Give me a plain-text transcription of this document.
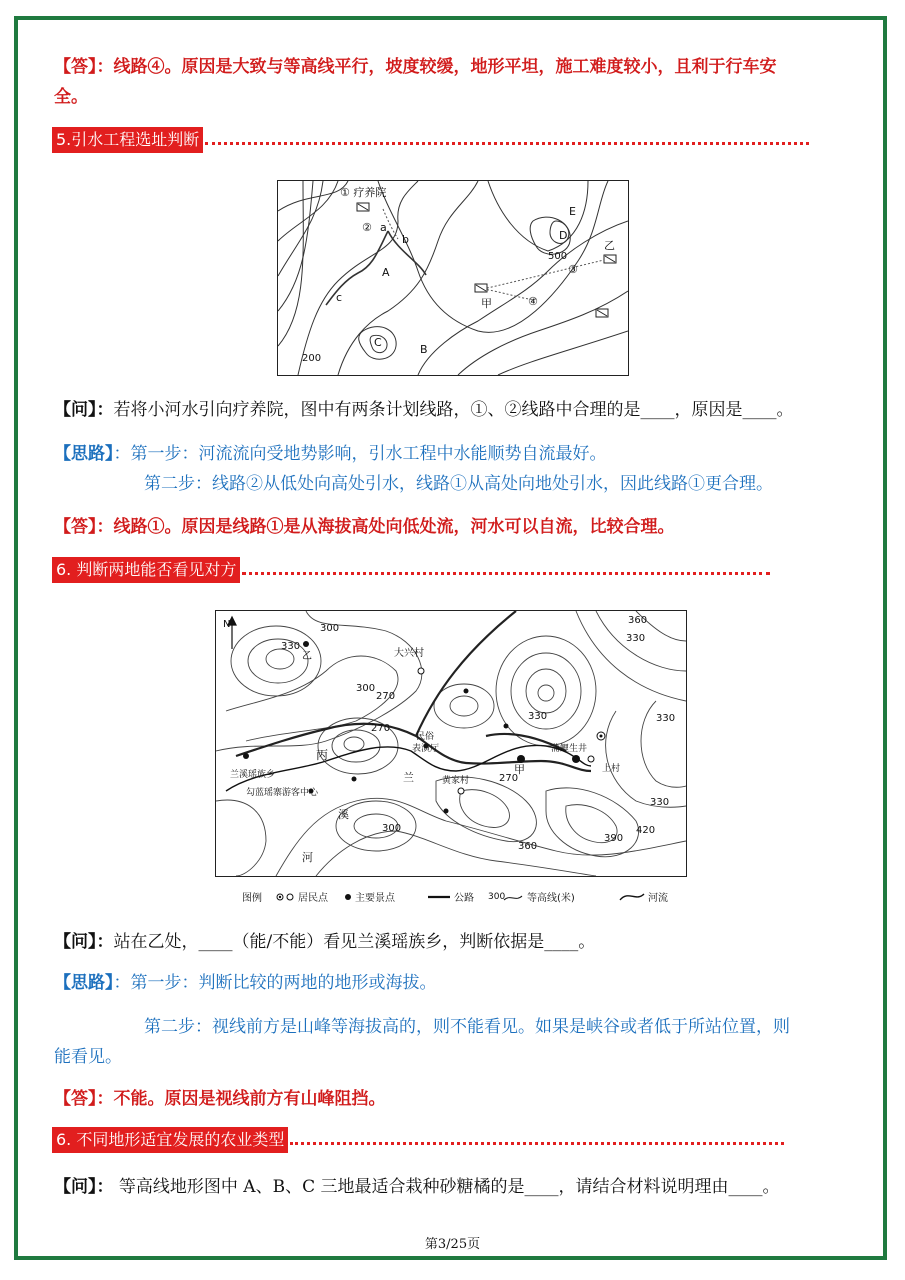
【答】：线路④。原因是大致与等高线平行，坡度较缓，地形平坦，施工难度较小，且利于行车安
全。
5.引水工程选址判断
① 疗养院
② a
b
c
A
B
C
D
E
乙
甲
③
④
500
200
【问】：若将小河水引向疗养院，图中有两条计划线路，①、②线路中合理的是____，原因是____。
【思路】：第一步：河流流向受地势影响，引水工程中水能顺势自流最好。
第二步：线路②从低处向高处引水，线路①从高处向地处引水，因此线路①更合理。
【答】：线路①。原因是线路①是从海拔高处向低处流，河水可以自流，比较合理。
6. 判断两地能否看见对方
N
乙
330
300
270
大兴村
360
330
330
300
270
丙
民俗
表演厅
兰
溪
河
甲
黄家村	270
蒲鲤生井
上村
兰溪瑶族乡
勾蓝瑶寨游客中心
300
360
390
420
330
330
图例	居民点	主要景点	公路 300 等高线(米)	河流
【问】：站在乙处，____（能/不能）看见兰溪瑶族乡，判断依据是____。
【思路】：第一步：判断比较的两地的地形或海拔。
第二步：视线前方是山峰等海拔高的，则不能看见。如果是峡谷或者低于所站位置，则
能看见。
【答】：不能。原因是视线前方有山峰阻挡。
6. 不同地形适宜发展的农业类型
【问】： 等高线地形图中 A、B、C 三地最适合栽种砂糖橘的是____，请结合材料说明理由____。
第3/25页
